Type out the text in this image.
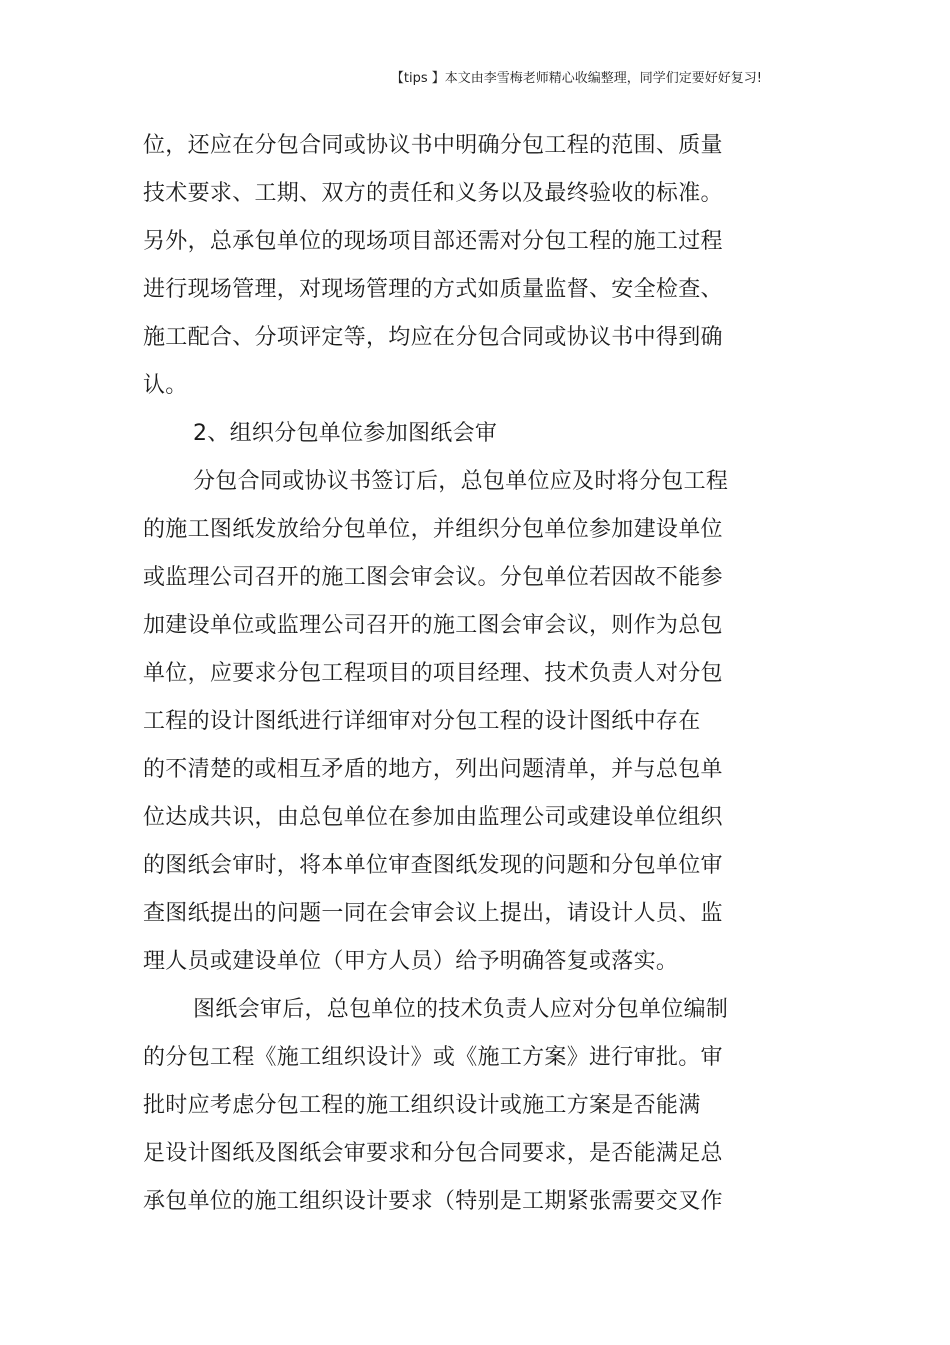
【tips 】本文由李雪梅老师精心收编整理，同学们定要好好复习!
位，还应在分包合同或协议书中明确分包工程的范围、质量
技术要求、工期、双方的责任和义务以及最终验收的标准。
另外，总承包单位的现场项目部还需对分包工程的施工过程
进行现场管理，对现场管理的方式如质量监督、安全检查、
施工配合、分项评定等，均应在分包合同或协议书中得到确
认。
2、组织分包单位参加图纸会审
分包合同或协议书签订后，总包单位应及时将分包工程
的施工图纸发放给分包单位，并组织分包单位参加建设单位
或监理公司召开的施工图会审会议。分包单位若因故不能参
加建设单位或监理公司召开的施工图会审会议，则作为总包
单位，应要求分包工程项目的项目经理、技术负责人对分包
工程的设计图纸进行详细审对分包工程的设计图纸中存在
的不清楚的或相互矛盾的地方，列出问题清单，并与总包单
位达成共识，由总包单位在参加由监理公司或建设单位组织
的图纸会审时，将本单位审查图纸发现的问题和分包单位审
查图纸提出的问题一同在会审会议上提出，请设计人员、监
理人员或建设单位（甲方人员）给予明确答复或落实。
图纸会审后，总包单位的技术负责人应对分包单位编制
的分包工程《施工组织设计》或《施工方案》进行审批。审
批时应考虑分包工程的施工组织设计或施工方案是否能满
足设计图纸及图纸会审要求和分包合同要求，是否能满足总
承包单位的施工组织设计要求（特别是工期紧张需要交叉作
